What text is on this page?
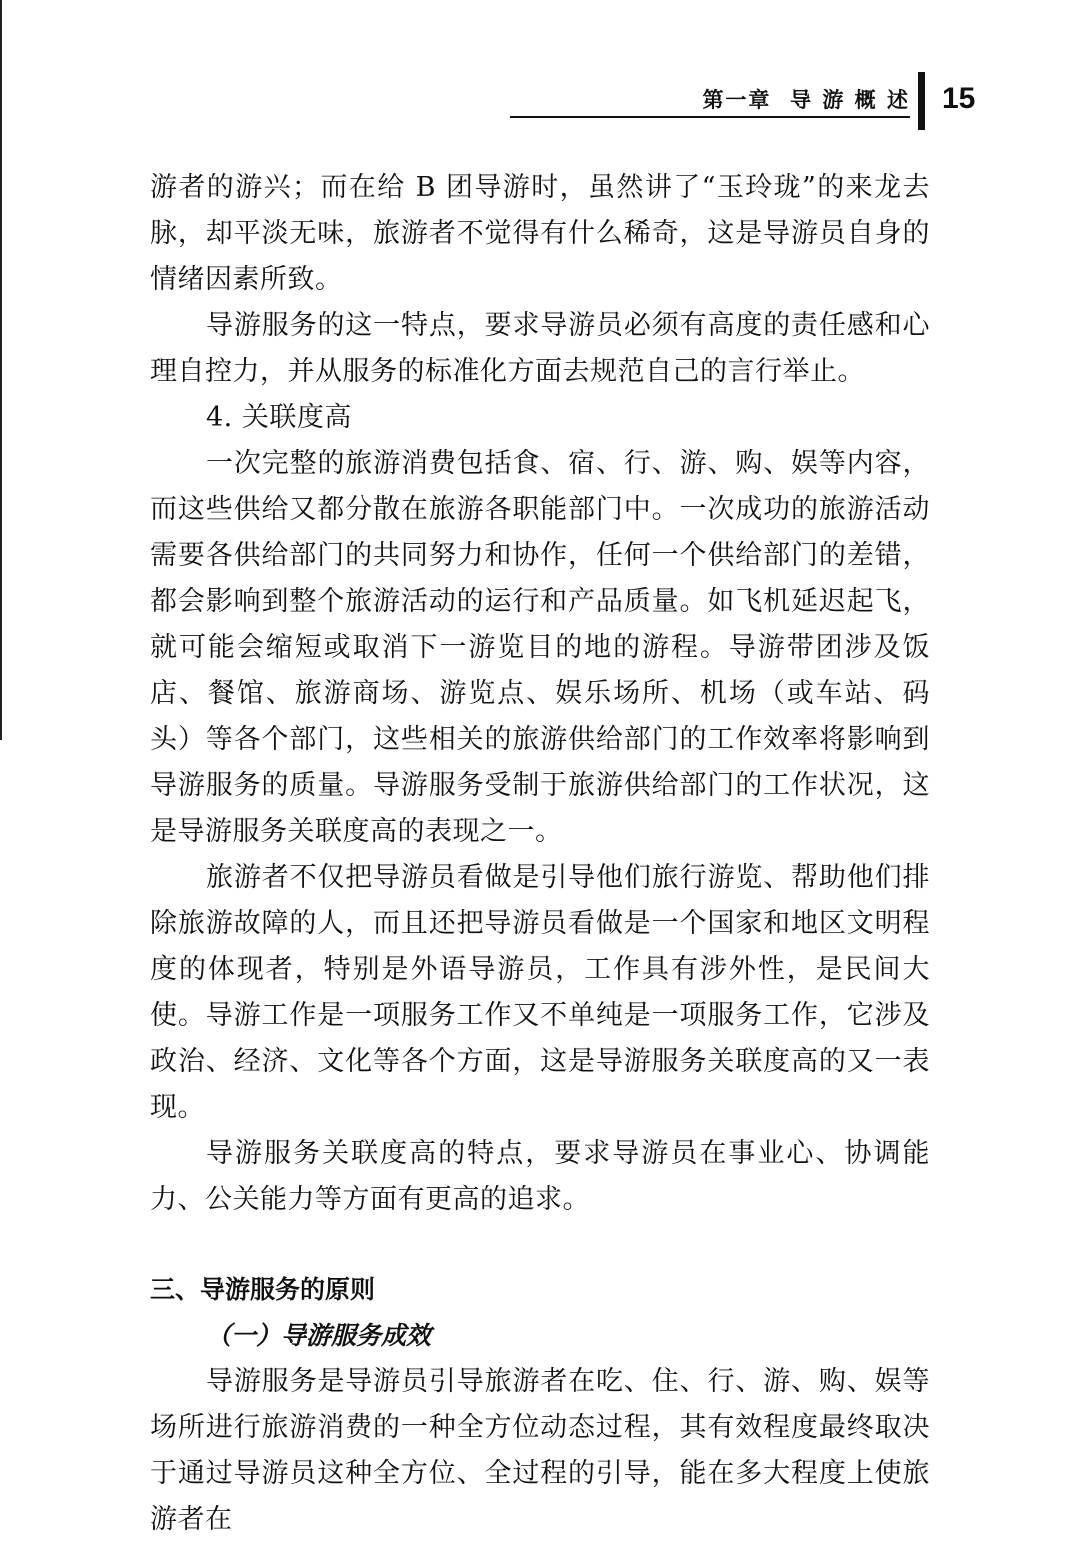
第一章  导 游 概 述 15

游者的游兴；而在给 B 团导游时，虽然讲了“玉玲珑”的来龙去脉，却平淡无味，旅游者不觉得有什么稀奇，这是导游员自身的情绪因素所致。

导游服务的这一特点，要求导游员必须有高度的责任感和心理自控力，并从服务的标准化方面去规范自己的言行举止。

4. 关联度高

一次完整的旅游消费包括食、宿、行、游、购、娱等内容，而这些供给又都分散在旅游各职能部门中。一次成功的旅游活动需要各供给部门的共同努力和协作，任何一个供给部门的差错，都会影响到整个旅游活动的运行和产品质量。如飞机延迟起飞，就可能会缩短或取消下一游览目的地的游程。导游带团涉及饭店、餐馆、旅游商场、游览点、娱乐场所、机场（或车站、码头）等各个部门，这些相关的旅游供给部门的工作效率将影响到导游服务的质量。导游服务受制于旅游供给部门的工作状况，这是导游服务关联度高的表现之一。

旅游者不仅把导游员看做是引导他们旅行游览、帮助他们排除旅游故障的人，而且还把导游员看做是一个国家和地区文明程度的体现者，特别是外语导游员，工作具有涉外性，是民间大使。导游工作是一项服务工作又不单纯是一项服务工作，它涉及政治、经济、文化等各个方面，这是导游服务关联度高的又一表现。

导游服务关联度高的特点，要求导游员在事业心、协调能力、公关能力等方面有更高的追求。

三、导游服务的原则
（一）导游服务成效

导游服务是导游员引导旅游者在吃、住、行、游、购、娱等场所进行旅游消费的一种全方位动态过程，其有效程度最终取决于通过导游员这种全方位、全过程的引导，能在多大程度上使旅游者在
